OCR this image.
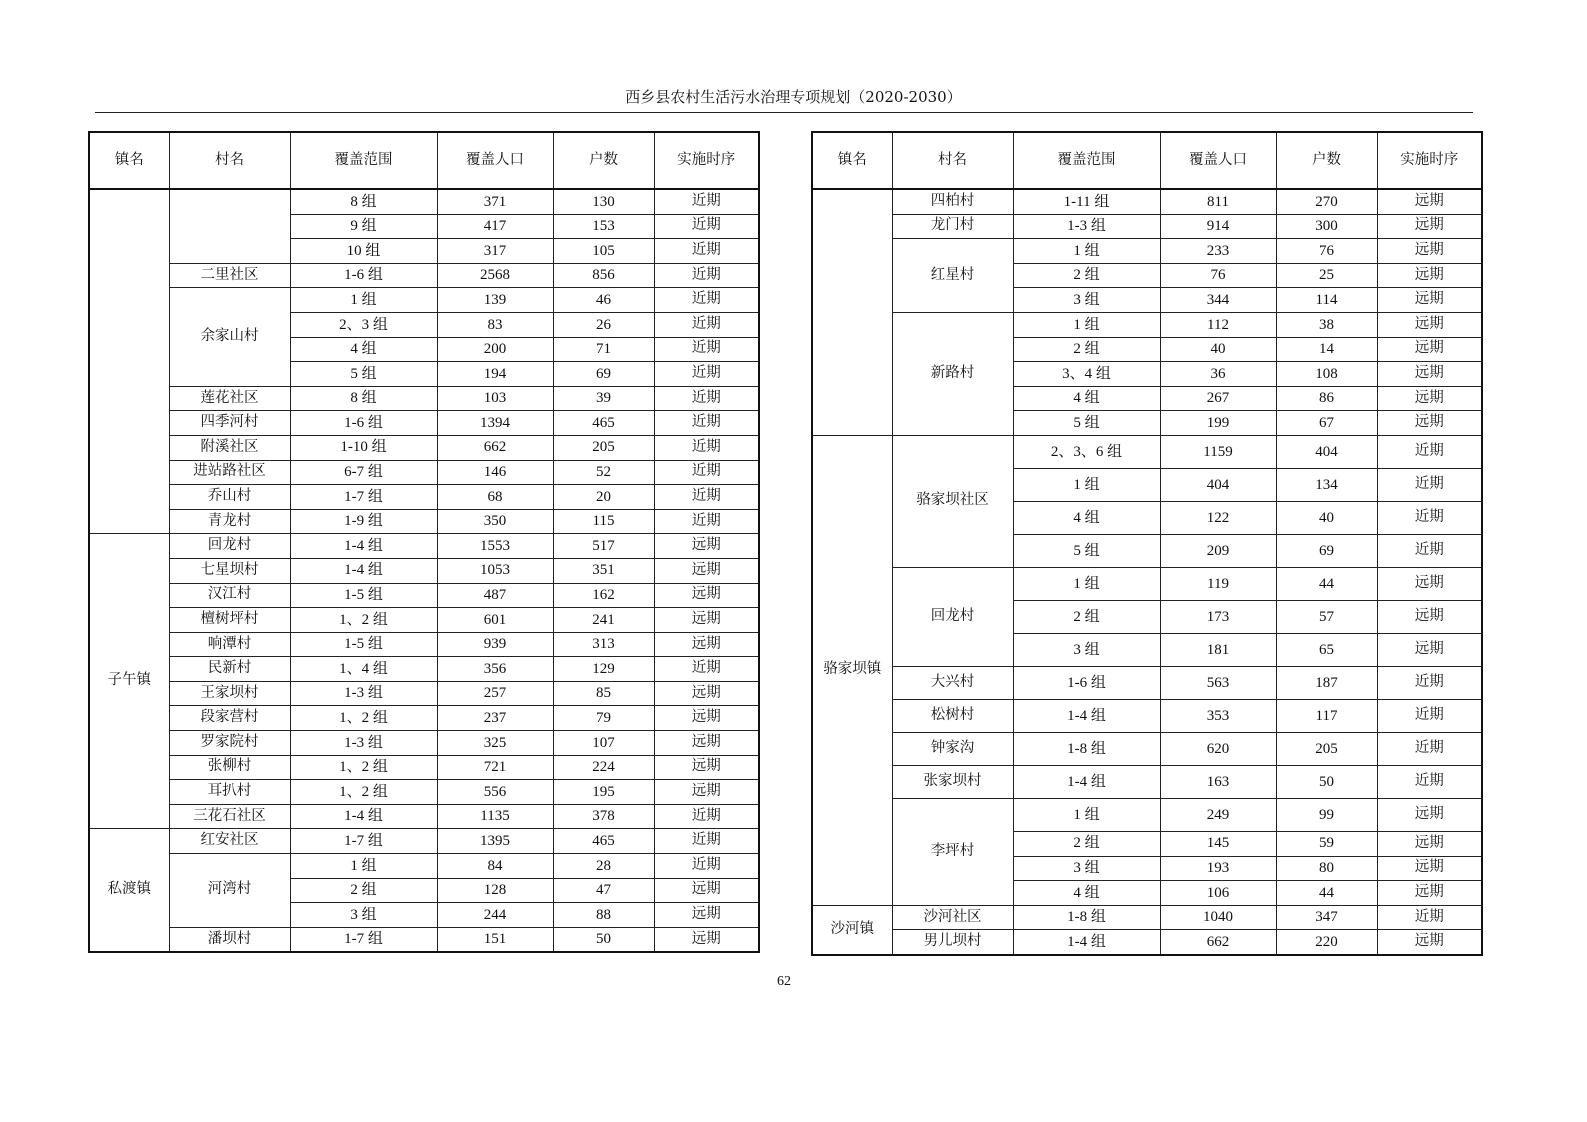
西乡县农村生活污水治理专项规划（2020-2030）
镇名	村名	覆盖范围	覆盖人口	户数	实施时序
		8 组	371	130	近期
		9 组	417	153	近期
		10 组	317	105	近期
	二里社区	1-6 组	2568	856	近期
	余家山村	1 组	139	46	近期
		2、3 组	83	26	近期
		4 组	200	71	近期
		5 组	194	69	近期
	莲花社区	8 组	103	39	近期
	四季河村	1-6 组	1394	465	近期
	附溪社区	1-10 组	662	205	近期
	进站路社区	6-7 组	146	52	近期
	乔山村	1-7 组	68	20	近期
	青龙村	1-9 组	350	115	近期
子午镇	回龙村	1-4 组	1553	517	远期
	七星坝村	1-4 组	1053	351	远期
	汉江村	1-5 组	487	162	远期
	檀树坪村	1、2 组	601	241	远期
	响潭村	1-5 组	939	313	远期
	民新村	1、4 组	356	129	近期
	王家坝村	1-3 组	257	85	远期
	段家营村	1、2 组	237	79	远期
	罗家院村	1-3 组	325	107	远期
	张柳村	1、2 组	721	224	远期
	耳扒村	1、2 组	556	195	远期
	三花石社区	1-4 组	1135	378	近期
私渡镇	红安社区	1-7 组	1395	465	近期
	河湾村	1 组	84	28	近期
		2 组	128	47	远期
		3 组	244	88	远期
	潘坝村	1-7 组	151	50	远期
镇名	村名	覆盖范围	覆盖人口	户数	实施时序
	四柏村	1-11 组	811	270	远期
	龙门村	1-3 组	914	300	远期
	红星村	1 组	233	76	远期
		2 组	76	25	远期
		3 组	344	114	远期
	新路村	1 组	112	38	远期
		2 组	40	14	远期
		3、4 组	36	108	远期
		4 组	267	86	远期
		5 组	199	67	远期
骆家坝镇	骆家坝社区	2、3、6 组	1159	404	近期
		1 组	404	134	近期
		4 组	122	40	近期
		5 组	209	69	近期
	回龙村	1 组	119	44	远期
		2 组	173	57	远期
		3 组	181	65	远期
	大兴村	1-6 组	563	187	近期
	松树村	1-4 组	353	117	近期
	钟家沟	1-8 组	620	205	近期
	张家坝村	1-4 组	163	50	近期
	李坪村	1 组	249	99	远期
		2 组	145	59	远期
		3 组	193	80	远期
		4 组	106	44	远期
沙河镇	沙河社区	1-8 组	1040	347	近期
	男儿坝村	1-4 组	662	220	远期
62
